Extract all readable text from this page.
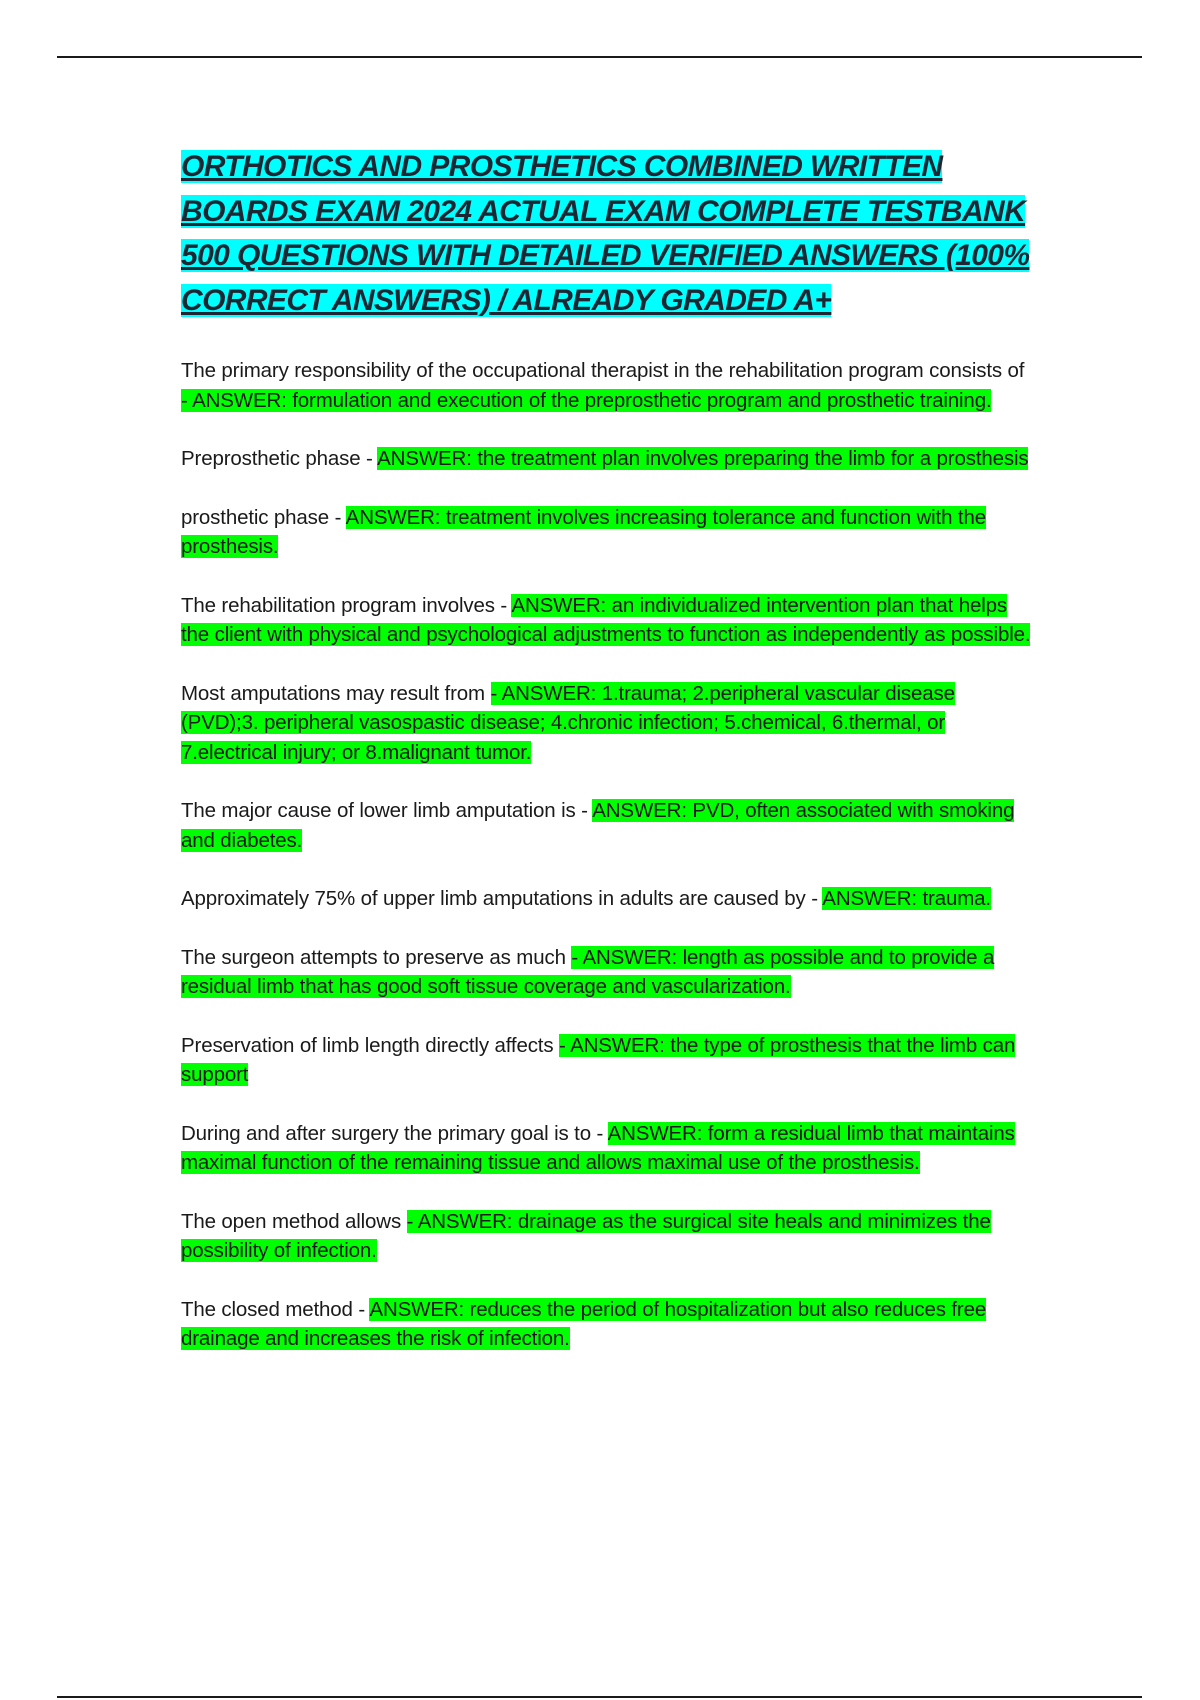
ORTHOTICS AND PROSTHETICS COMBINED WRITTEN BOARDS EXAM 2024 ACTUAL EXAM COMPLETE TESTBANK 500 QUESTIONS WITH DETAILED VERIFIED ANSWERS (100% CORRECT ANSWERS) / ALREADY GRADED A+

The primary responsibility of the occupational therapist in the rehabilitation program consists of - ANSWER: formulation and execution of the preprosthetic program and prosthetic training.

Preprosthetic phase - ANSWER: the treatment plan involves preparing the limb for a prosthesis

prosthetic phase - ANSWER: treatment involves increasing tolerance and function with the prosthesis.

The rehabilitation program involves - ANSWER: an individualized intervention plan that helps the client with physical and psychological adjustments to function as independently as possible.

Most amputations may result from - ANSWER: 1.trauma; 2.peripheral vascular disease (PVD);3. peripheral vasospastic disease; 4.chronic infection; 5.chemical, 6.thermal, or 7.electrical injury; or 8.malignant tumor.

The major cause of lower limb amputation is - ANSWER: PVD, often associated with smoking and diabetes.

Approximately 75% of upper limb amputations in adults are caused by - ANSWER: trauma.

The surgeon attempts to preserve as much - ANSWER: length as possible and to provide a residual limb that has good soft tissue coverage and vascularization.

Preservation of limb length directly affects - ANSWER: the type of prosthesis that the limb can support

During and after surgery the primary goal is to - ANSWER: form a residual limb that maintains maximal function of the remaining tissue and allows maximal use of the prosthesis.

The open method allows - ANSWER: drainage as the surgical site heals and minimizes the possibility of infection.

The closed method - ANSWER: reduces the period of hospitalization but also reduces free drainage and increases the risk of infection.
